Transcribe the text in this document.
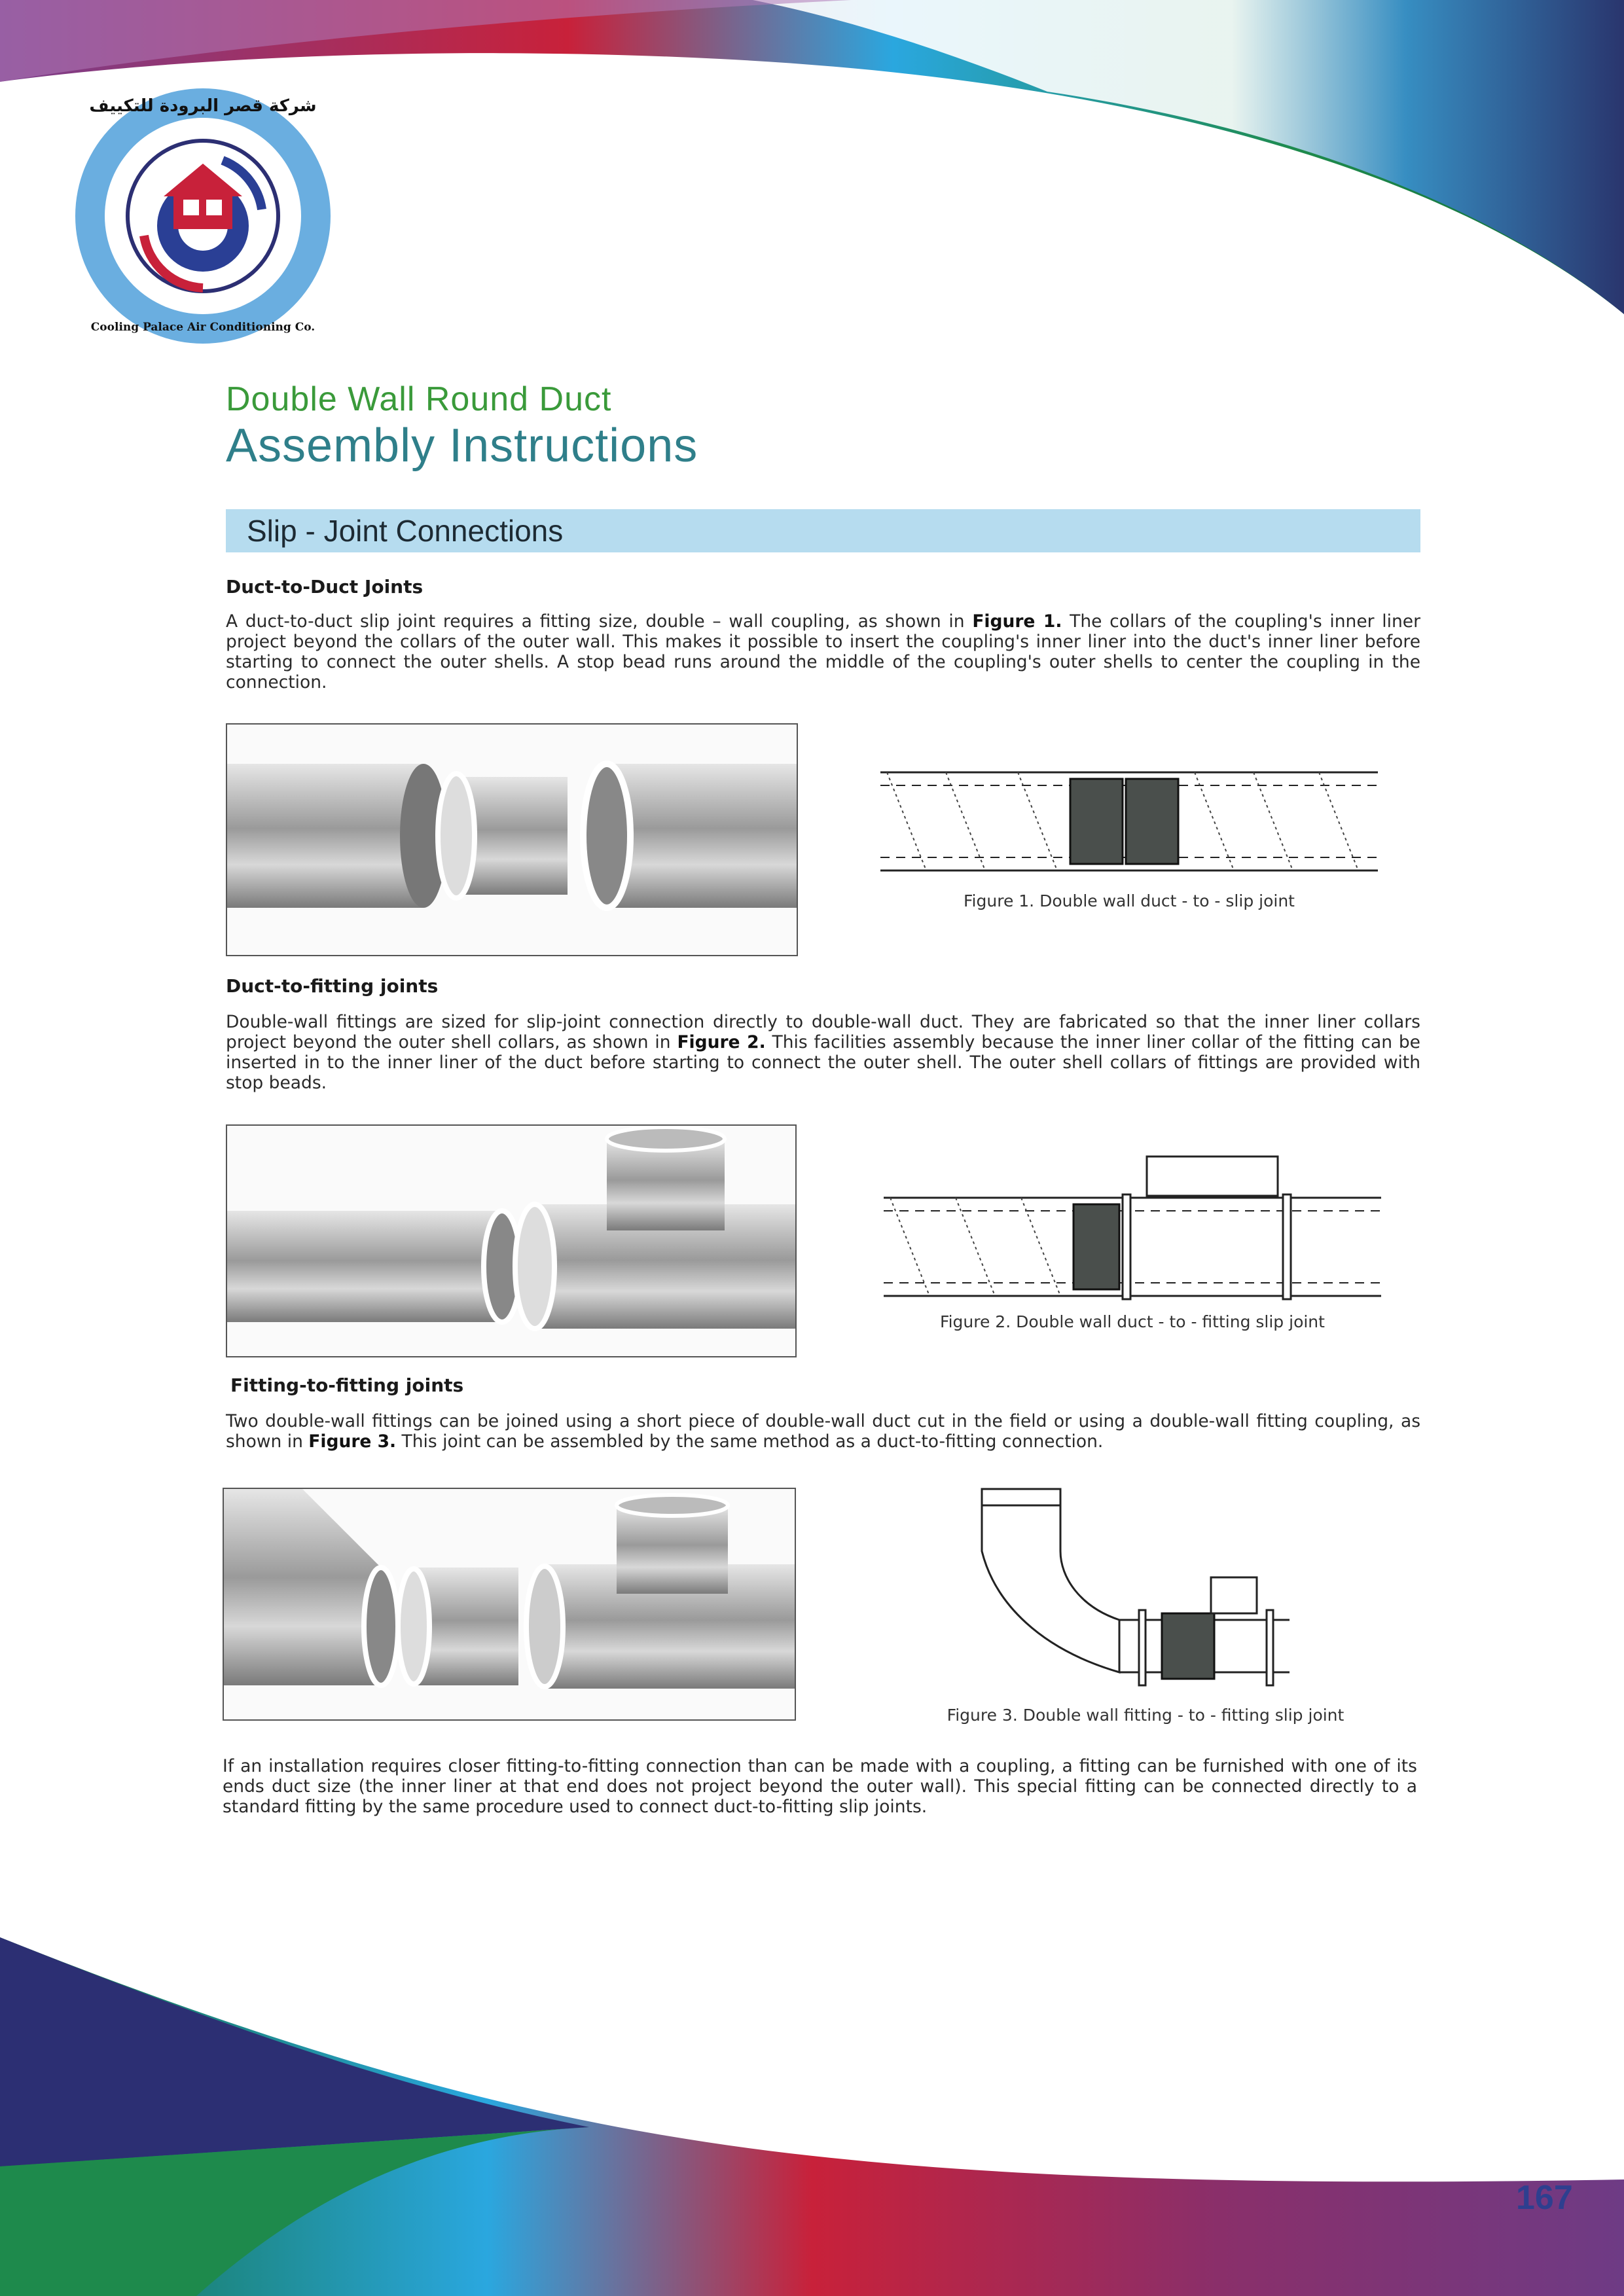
شركة قصر البرودة للتكييف
Cooling Palace Air Conditioning Co.
Double Wall Round Duct
Assembly Instructions
Slip - Joint Connections
Duct-to-Duct Joints

A duct-to-duct slip joint requires a fitting size, double – wall coupling, as shown in Figure 1. The collars of the coupling's inner liner project beyond the collars of the outer wall. This makes it possible to insert the coupling's inner liner into the duct's inner liner before starting to connect the outer shells. A stop bead runs around the middle of the coupling's outer shells to center the coupling in the connection.

Figure 1. Double wall duct - to - slip joint
Duct-to-fitting joints

Double-wall fittings are sized for slip-joint connection directly to double-wall duct. They are fabricated so that the inner liner collars project beyond the outer shell collars, as shown in Figure 2. This facilities assembly because the inner liner collar of the fitting can be inserted in to the inner liner of the duct before starting to connect the outer shell. The outer shell collars of fittings are provided with stop beads.

Figure 2. Double wall duct - to - fitting slip joint
Fitting-to-fitting joints

Two double-wall fittings can be joined using a short piece of double-wall duct cut in the field or using a double-wall fitting coupling, as shown in Figure 3. This joint can be assembled by the same method as a duct-to-fitting connection.

Figure 3. Double wall fitting - to - fitting slip joint

If an installation requires closer fitting-to-fitting connection than can be made with a coupling, a fitting can be furnished with one of its ends duct size (the inner liner at that end does not project beyond the outer wall). This special fitting can be connected directly to a standard fitting by the same procedure used to connect duct-to-fitting slip joints.

167
